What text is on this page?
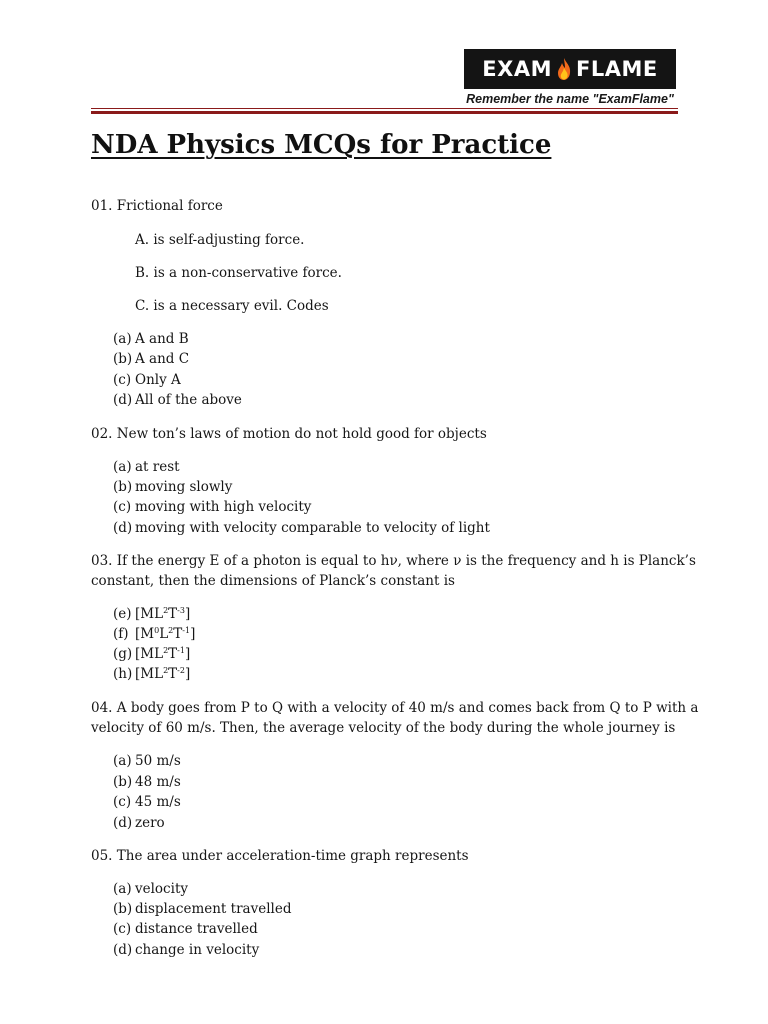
EXAM FLAME
Remember the name "ExamFlame"
NDA Physics MCQs for Practice
01. Frictional force
A. is self-adjusting force.
B. is a non-conservative force.
C. is a necessary evil. Codes
(a) A and B
(b) A and C
(c) Only A
(d) All of the above
02. New ton’s laws of motion do not hold good for objects
(a) at rest
(b) moving slowly
(c) moving with high velocity
(d) moving with velocity comparable to velocity of light
03. If the energy E of a photon is equal to hν, where ν is the frequency and h is Planck’s
constant, then the dimensions of Planck’s constant is
(e) $[ML^2T^{-3}]$
(f) $[M^0L^2T^{-1}]$
(g) $[ML^2T^{-1}]$
(h) $[ML^2T^{-2}]$
04. A body goes from P to Q with a velocity of 40 m/s and comes back from Q to P with a
velocity of 60 m/s. Then, the average velocity of the body during the whole journey is
(a) 50 m/s
(b) 48 m/s
(c) 45 m/s
(d) zero
05. The area under acceleration-time graph represents
(a) velocity
(b) displacement travelled
(c) distance travelled
(d) change in velocity
